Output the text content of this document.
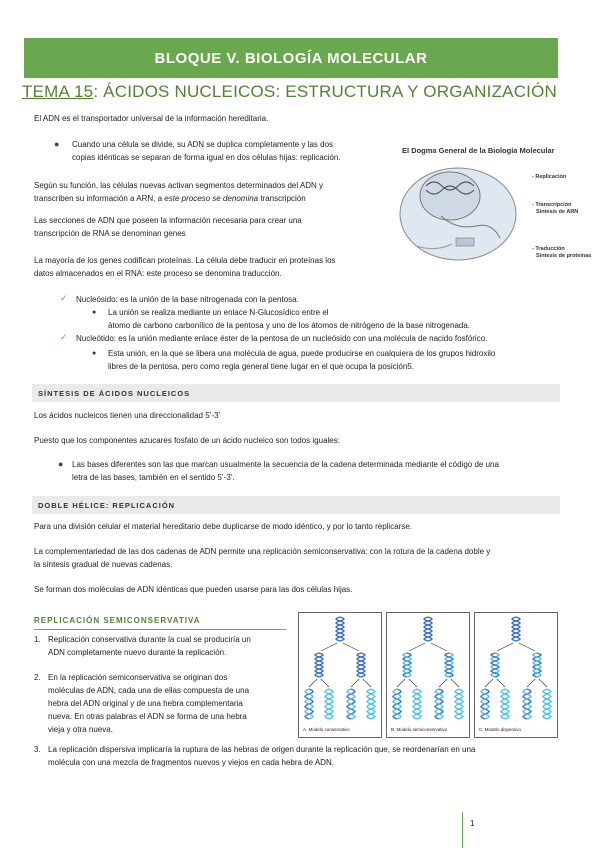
BLOQUE V. BIOLOGÍA MOLECULAR
TEMA 15: ÁCIDOS NUCLEICOS: ESTRUCTURA Y ORGANIZACIÓN
El ADN es el transportador universal de la información hereditaria.
● Cuando una célula se divide, su ADN se duplica completamente y las dos
copias idénticas se separan de forma igual en dos células hijas: replicación.
Según su función, las células nuevas activan segmentos determinados del ADN y
transcriben su información a ARN, a este proceso se denomina transcripción
Las secciones de ADN que poseen la información necesaria para crear una
transcripción de RNA se denominan genes
La mayoría de los genes codifican proteínas. La célula debe traducir en proteínas los
datos almacenados en el RNA: este proceso se denomina traducción.
El Dogma General de la Biología Molecular
- Replicación
- Transcripción
Síntesis de ARN
- Traducción
Síntesis de proteínas
✓ Nucleósido: es la unión de la base nitrogenada con la pentosa.
● La unión se realiza mediante un enlace N-Glucosídico entre el
átomo de carbono carbonílico de la pentosa y uno de los átomos de nitrógeno de la base nitrogenada.
✓ Nucleótido: es la unión mediante enlace éster de la pentosa de un nucleósido con una molécula de nacido fosfórico.
● Esta unión, en la que se libera una molécula de agua, puede producirse en cualquiera de los grupos hidroxilo
libres de la pentosa, pero como regla general tiene lugar en el que ocupa la posición5.
SÍNTESIS DE ÁCIDOS NUCLEICOS
Los ácidos nucleicos tienen una direccionalidad 5’-3’
Puesto que los componentes azucares fosfato de un ácido nucleico son todos iguales:
● Las bases diferentes son las que marcan usualmente la secuencia de la cadena determinada mediante el código de una
letra de las bases, también en el sentido 5’-3’.
DOBLE HÉLICE: REPLICACIÓN
Para una división celular el material hereditario debe duplicarse de modo idéntico, y por lo tanto replicarse.
La complementariedad de las dos cadenas de ADN permite una replicación semiconservativa: con la rotura de la cadena doble y
la síntesis gradual de nuevas cadenas.
Se forman dos moléculas de ADN idénticas que pueden usarse para las dos células hijas.
REPLICACIÓN SEMICONSERVATIVA
1. Replicación conservativa durante la cual se produciría un
ADN completamente nuevo durante la replicación.
2. En la replicación semiconservativa se originan dos
moléculas de ADN, cada una de ellas compuesta de una
hebra del ADN original y de una hebra complementaria
nueva. En otras palabras el ADN se forma de una hebra
vieja y otra nueva.	A. Modelo conservativo	B. Modelo semiconservativo	C. Modelo dispersivo
3. La replicación dispersiva implicaría la ruptura de las hebras de origen durante la replicación que, se reordenarían en una
molécula con una mezcla de fragmentos nuevos y viejos en cada hebra de ADN.
1
